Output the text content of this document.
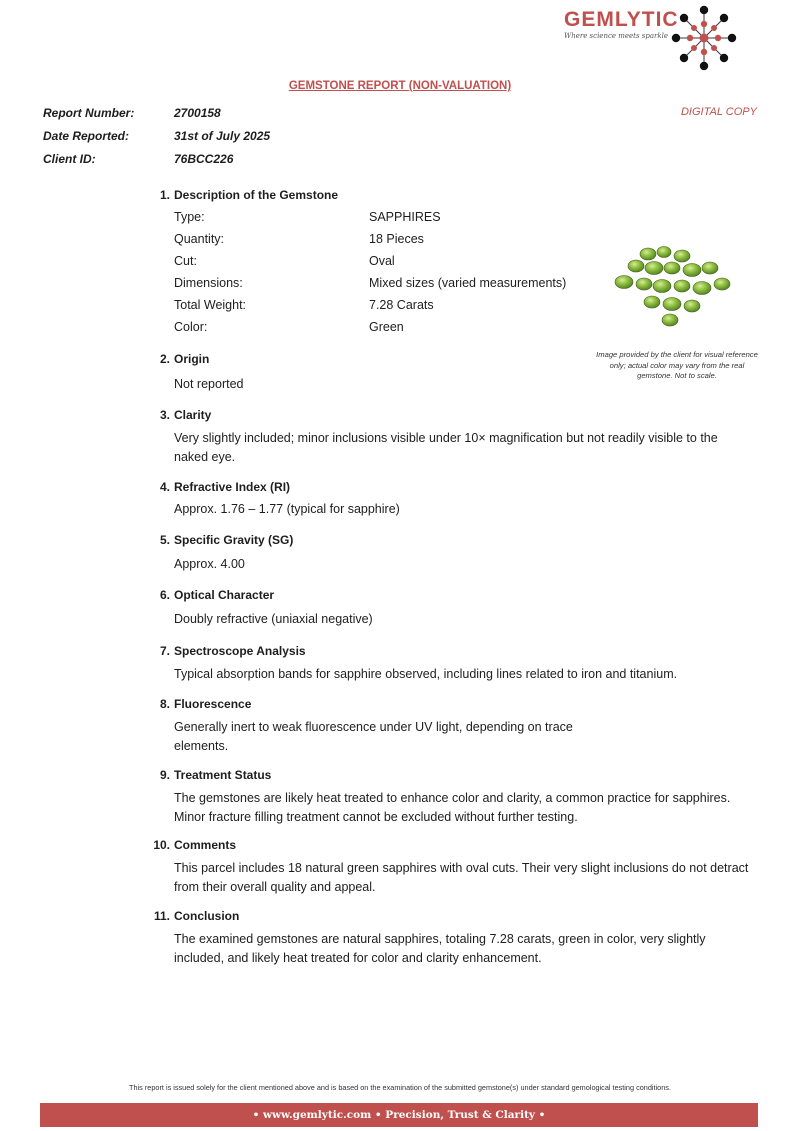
GEMLYTIC
Where science meets sparkle
GEMSTONE REPORT (NON-VALUATION)
DIGITAL COPY
Report Number:	2700158
Date Reported:	31st of July 2025
Client ID:	76BCC226
1. Description of the Gemstone
Type:	SAPPHIRES
Quantity:	18 Pieces
Cut:	Oval
Dimensions:	Mixed sizes (varied measurements)
Total Weight:	7.28 Carats
Color:	Green
Image provided by the client for visual reference only; actual color may vary from the real gemstone. Not to scale.
2. Origin
Not reported
3. Clarity
Very slightly included; minor inclusions visible under 10× magnification but not readily visible to the naked eye.
4. Refractive Index (RI)
Approx. 1.76 – 1.77 (typical for sapphire)
5. Specific Gravity (SG)
Approx. 4.00
6. Optical Character
Doubly refractive (uniaxial negative)
7. Spectroscope Analysis
Typical absorption bands for sapphire observed, including lines related to iron and titanium.
8. Fluorescence
Generally inert to weak fluorescence under UV light, depending on trace elements.
9. Treatment Status
The gemstones are likely heat treated to enhance color and clarity, a common practice for sapphires. Minor fracture filling treatment cannot be excluded without further testing.
10. Comments
This parcel includes 18 natural green sapphires with oval cuts. Their very slight inclusions do not detract from their overall quality and appeal.
11. Conclusion
The examined gemstones are natural sapphires, totaling 7.28 carats, green in color, very slightly included, and likely heat treated for color and clarity enhancement.
This report is issued solely for the client mentioned above and is based on the examination of the submitted gemstone(s) under standard gemological testing conditions.
• www.gemlytic.com • Precision, Trust & Clarity •
